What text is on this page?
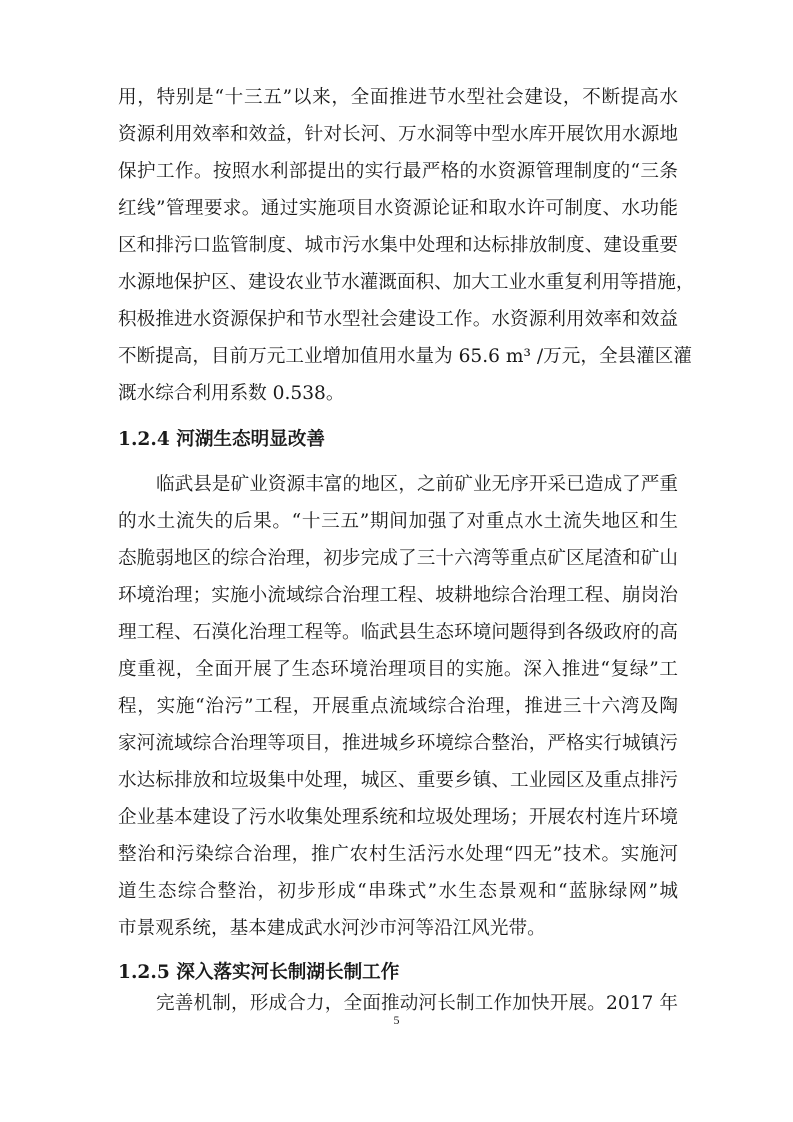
用，特别是“十三五”以来，全面推进节水型社会建设，不断提高水
资源利用效率和效益，针对长河、万水洞等中型水库开展饮用水源地
保护工作。按照水利部提出的实行最严格的水资源管理制度的“三条
红线”管理要求。通过实施项目水资源论证和取水许可制度、水功能
区和排污口监管制度、城市污水集中处理和达标排放制度、建设重要
水源地保护区、建设农业节水灌溉面积、加大工业水重复利用等措施，
积极推进水资源保护和节水型社会建设工作。水资源利用效率和效益
不断提高，目前万元工业增加值用水量为 65.6 m³ /万元，全县灌区灌
溉水综合利用系数 0.538。
1.2.4 河湖生态明显改善
临武县是矿业资源丰富的地区，之前矿业无序开采已造成了严重
的水土流失的后果。“十三五”期间加强了对重点水土流失地区和生
态脆弱地区的综合治理，初步完成了三十六湾等重点矿区尾渣和矿山
环境治理；实施小流域综合治理工程、坡耕地综合治理工程、崩岗治
理工程、石漠化治理工程等。临武县生态环境问题得到各级政府的高
度重视，全面开展了生态环境治理项目的实施。深入推进“复绿”工
程，实施“治污”工程，开展重点流域综合治理，推进三十六湾及陶
家河流域综合治理等项目，推进城乡环境综合整治，严格实行城镇污
水达标排放和垃圾集中处理，城区、重要乡镇、工业园区及重点排污
企业基本建设了污水收集处理系统和垃圾处理场；开展农村连片环境
整治和污染综合治理，推广农村生活污水处理“四无”技术。实施河
道生态综合整治，初步形成“串珠式”水生态景观和“蓝脉绿网”城
市景观系统，基本建成武水河沙市河等沿江风光带。
1.2.5 深入落实河长制湖长制工作
完善机制，形成合力，全面推动河长制工作加快开展。2017 年
5
